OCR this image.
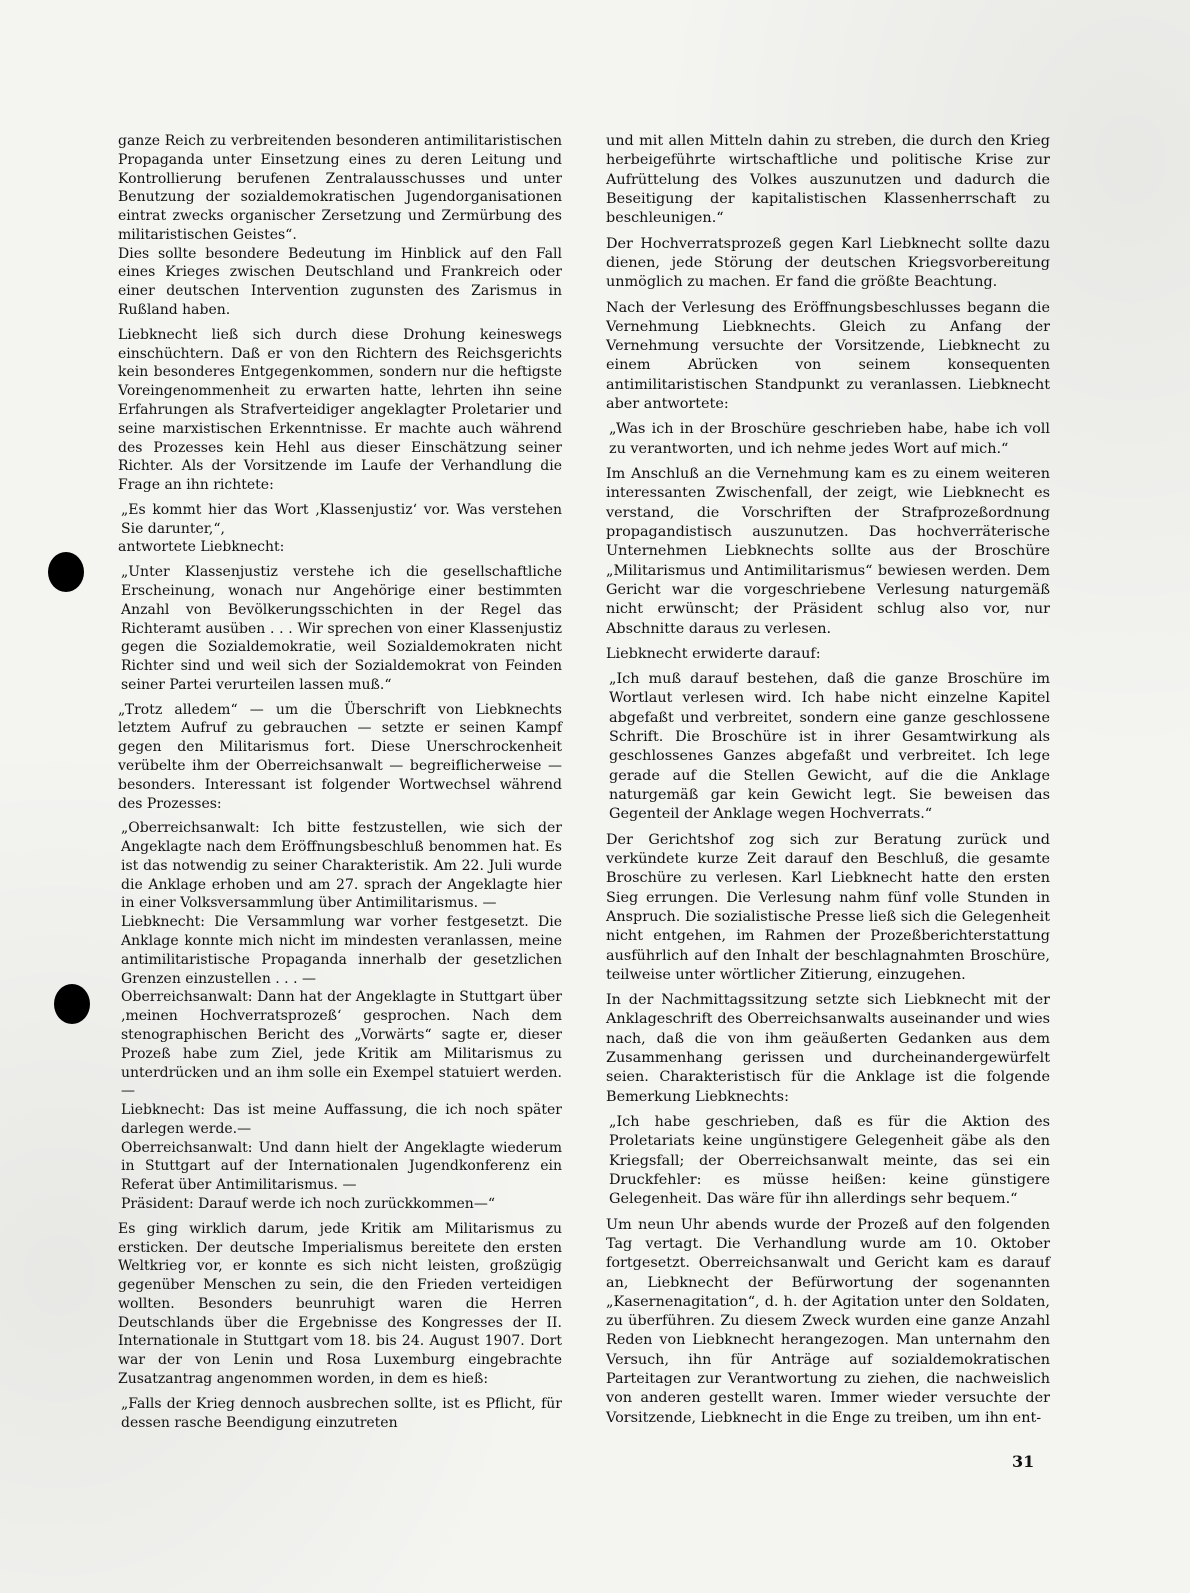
ganze Reich zu verbreitenden besonderen antimilitaristischen Propaganda unter Einsetzung eines zu deren Leitung und Kontrollierung berufenen Zentralausschusses und unter Benutzung der sozialdemokratischen Jugendorganisationen eintrat zwecks organischer Zersetzung und Zermürbung des militaristischen Geistes“.

Dies sollte besondere Bedeutung im Hinblick auf den Fall eines Krieges zwischen Deutschland und Frankreich oder einer deutschen Intervention zugunsten des Zarismus in Rußland haben.

Liebknecht ließ sich durch diese Drohung keineswegs einschüchtern. Daß er von den Richtern des Reichsgerichts kein besonderes Entgegenkommen, sondern nur die heftigste Voreingenommenheit zu erwarten hatte, lehrten ihn seine Erfahrungen als Strafverteidiger angeklagter Proletarier und seine marxistischen Erkenntnisse. Er machte auch während des Prozesses kein Hehl aus dieser Einschätzung seiner Richter. Als der Vorsitzende im Laufe der Verhandlung die Frage an ihn richtete:

„Es kommt hier das Wort ‚Klassenjustiz‘ vor. Was verstehen Sie darunter,“,

antwortete Liebknecht:

„Unter Klassenjustiz verstehe ich die gesellschaftliche Erscheinung, wonach nur Angehörige einer bestimmten Anzahl von Bevölkerungsschichten in der Regel das Richteramt ausüben . . . Wir sprechen von einer Klassenjustiz gegen die Sozialdemokratie, weil Sozialdemokraten nicht Richter sind und weil sich der Sozialdemokrat von Feinden seiner Partei verurteilen lassen muß.“

„Trotz alledem“ — um die Überschrift von Liebknechts letztem Aufruf zu gebrauchen — setzte er seinen Kampf gegen den Militarismus fort. Diese Unerschrockenheit verübelte ihm der Oberreichsanwalt — begreiflicherweise — besonders. Interessant ist folgender Wortwechsel während des Prozesses:

„Oberreichsanwalt: Ich bitte festzustellen, wie sich der Angeklagte nach dem Eröffnungsbeschluß benommen hat. Es ist das notwendig zu seiner Charakteristik. Am 22. Juli wurde die Anklage erhoben und am 27. sprach der Angeklagte hier in einer Volksversammlung über Antimilitarismus. —

Liebknecht: Die Versammlung war vorher festgesetzt. Die Anklage konnte mich nicht im mindesten veranlassen, meine antimilitaristische Propaganda innerhalb der gesetzlichen Grenzen einzustellen . . . —

Oberreichsanwalt: Dann hat der Angeklagte in Stuttgart über ‚meinen Hochverratsprozeß‘ gesprochen. Nach dem stenographischen Bericht des „Vorwärts“ sagte er, dieser Prozeß habe zum Ziel, jede Kritik am Militarismus zu unterdrücken und an ihm solle ein Exempel statuiert werden. —

Liebknecht: Das ist meine Auffassung, die ich noch später darlegen werde.—

Oberreichsanwalt: Und dann hielt der Angeklagte wiederum in Stuttgart auf der Internationalen Jugendkonferenz ein Referat über Antimilitarismus. —

Präsident: Darauf werde ich noch zurückkommen—“

Es ging wirklich darum, jede Kritik am Militarismus zu ersticken. Der deutsche Imperialismus bereitete den ersten Weltkrieg vor, er konnte es sich nicht leisten, großzügig gegenüber Menschen zu sein, die den Frieden verteidigen wollten. Besonders beunruhigt waren die Herren Deutschlands über die Ergebnisse des Kongresses der II. Internationale in Stuttgart vom 18. bis 24. August 1907. Dort war der von Lenin und Rosa Luxemburg eingebrachte Zusatzantrag angenommen worden, in dem es hieß:

„Falls der Krieg dennoch ausbrechen sollte, ist es Pflicht, für dessen rasche Beendigung einzutreten

und mit allen Mitteln dahin zu streben, die durch den Krieg herbeigeführte wirtschaftliche und politische Krise zur Aufrüttelung des Volkes auszunutzen und dadurch die Beseitigung der kapitalistischen Klassenherrschaft zu beschleunigen.“

Der Hochverratsprozeß gegen Karl Liebknecht sollte dazu dienen, jede Störung der deutschen Kriegsvorbereitung unmöglich zu machen. Er fand die größte Beachtung.

Nach der Verlesung des Eröffnungsbeschlusses begann die Vernehmung Liebknechts. Gleich zu Anfang der Vernehmung versuchte der Vorsitzende, Liebknecht zu einem Abrücken von seinem konsequenten antimilitaristischen Standpunkt zu veranlassen. Liebknecht aber antwortete:

„Was ich in der Broschüre geschrieben habe, habe ich voll zu verantworten, und ich nehme jedes Wort auf mich.“

Im Anschluß an die Vernehmung kam es zu einem weiteren interessanten Zwischenfall, der zeigt, wie Liebknecht es verstand, die Vorschriften der Strafprozeßordnung propagandistisch auszunutzen. Das hochverräterische Unternehmen Liebknechts sollte aus der Broschüre „Militarismus und Antimilitarismus“ bewiesen werden. Dem Gericht war die vorgeschriebene Verlesung naturgemäß nicht erwünscht; der Präsident schlug also vor, nur Abschnitte daraus zu verlesen.

Liebknecht erwiderte darauf:

„Ich muß darauf bestehen, daß die ganze Broschüre im Wortlaut verlesen wird. Ich habe nicht einzelne Kapitel abgefaßt und verbreitet, sondern eine ganze geschlossene Schrift. Die Broschüre ist in ihrer Gesamtwirkung als geschlossenes Ganzes abgefaßt und verbreitet. Ich lege gerade auf die Stellen Gewicht, auf die die Anklage naturgemäß gar kein Gewicht legt. Sie beweisen das Gegenteil der Anklage wegen Hochverrats.“

Der Gerichtshof zog sich zur Beratung zurück und verkündete kurze Zeit darauf den Beschluß, die gesamte Broschüre zu verlesen. Karl Liebknecht hatte den ersten Sieg errungen. Die Verlesung nahm fünf volle Stunden in Anspruch. Die sozialistische Presse ließ sich die Gelegenheit nicht entgehen, im Rahmen der Prozeßberichterstattung ausführlich auf den Inhalt der beschlagnahmten Broschüre, teilweise unter wörtlicher Zitierung, einzugehen.

In der Nachmittagssitzung setzte sich Liebknecht mit der Anklageschrift des Oberreichsanwalts auseinander und wies nach, daß die von ihm geäußerten Gedanken aus dem Zusammenhang gerissen und durcheinandergewürfelt seien. Charakteristisch für die Anklage ist die folgende Bemerkung Liebknechts:

„Ich habe geschrieben, daß es für die Aktion des Proletariats keine ungünstigere Gelegenheit gäbe als den Kriegsfall; der Oberreichsanwalt meinte, das sei ein Druckfehler: es müsse heißen: keine günstigere Gelegenheit. Das wäre für ihn allerdings sehr bequem.“

Um neun Uhr abends wurde der Prozeß auf den folgenden Tag vertagt. Die Verhandlung wurde am 10. Oktober fortgesetzt. Oberreichsanwalt und Gericht kam es darauf an, Liebknecht der Befürwortung der sogenannten „Kasernenagitation“, d. h. der Agitation unter den Soldaten, zu überführen. Zu diesem Zweck wurden eine ganze Anzahl Reden von Liebknecht herangezogen. Man unternahm den Versuch, ihn für Anträge auf sozialdemokratischen Parteitagen zur Verantwortung zu ziehen, die nachweislich von anderen gestellt waren. Immer wieder versuchte der Vorsitzende, Liebknecht in die Enge zu treiben, um ihn ent-

31
